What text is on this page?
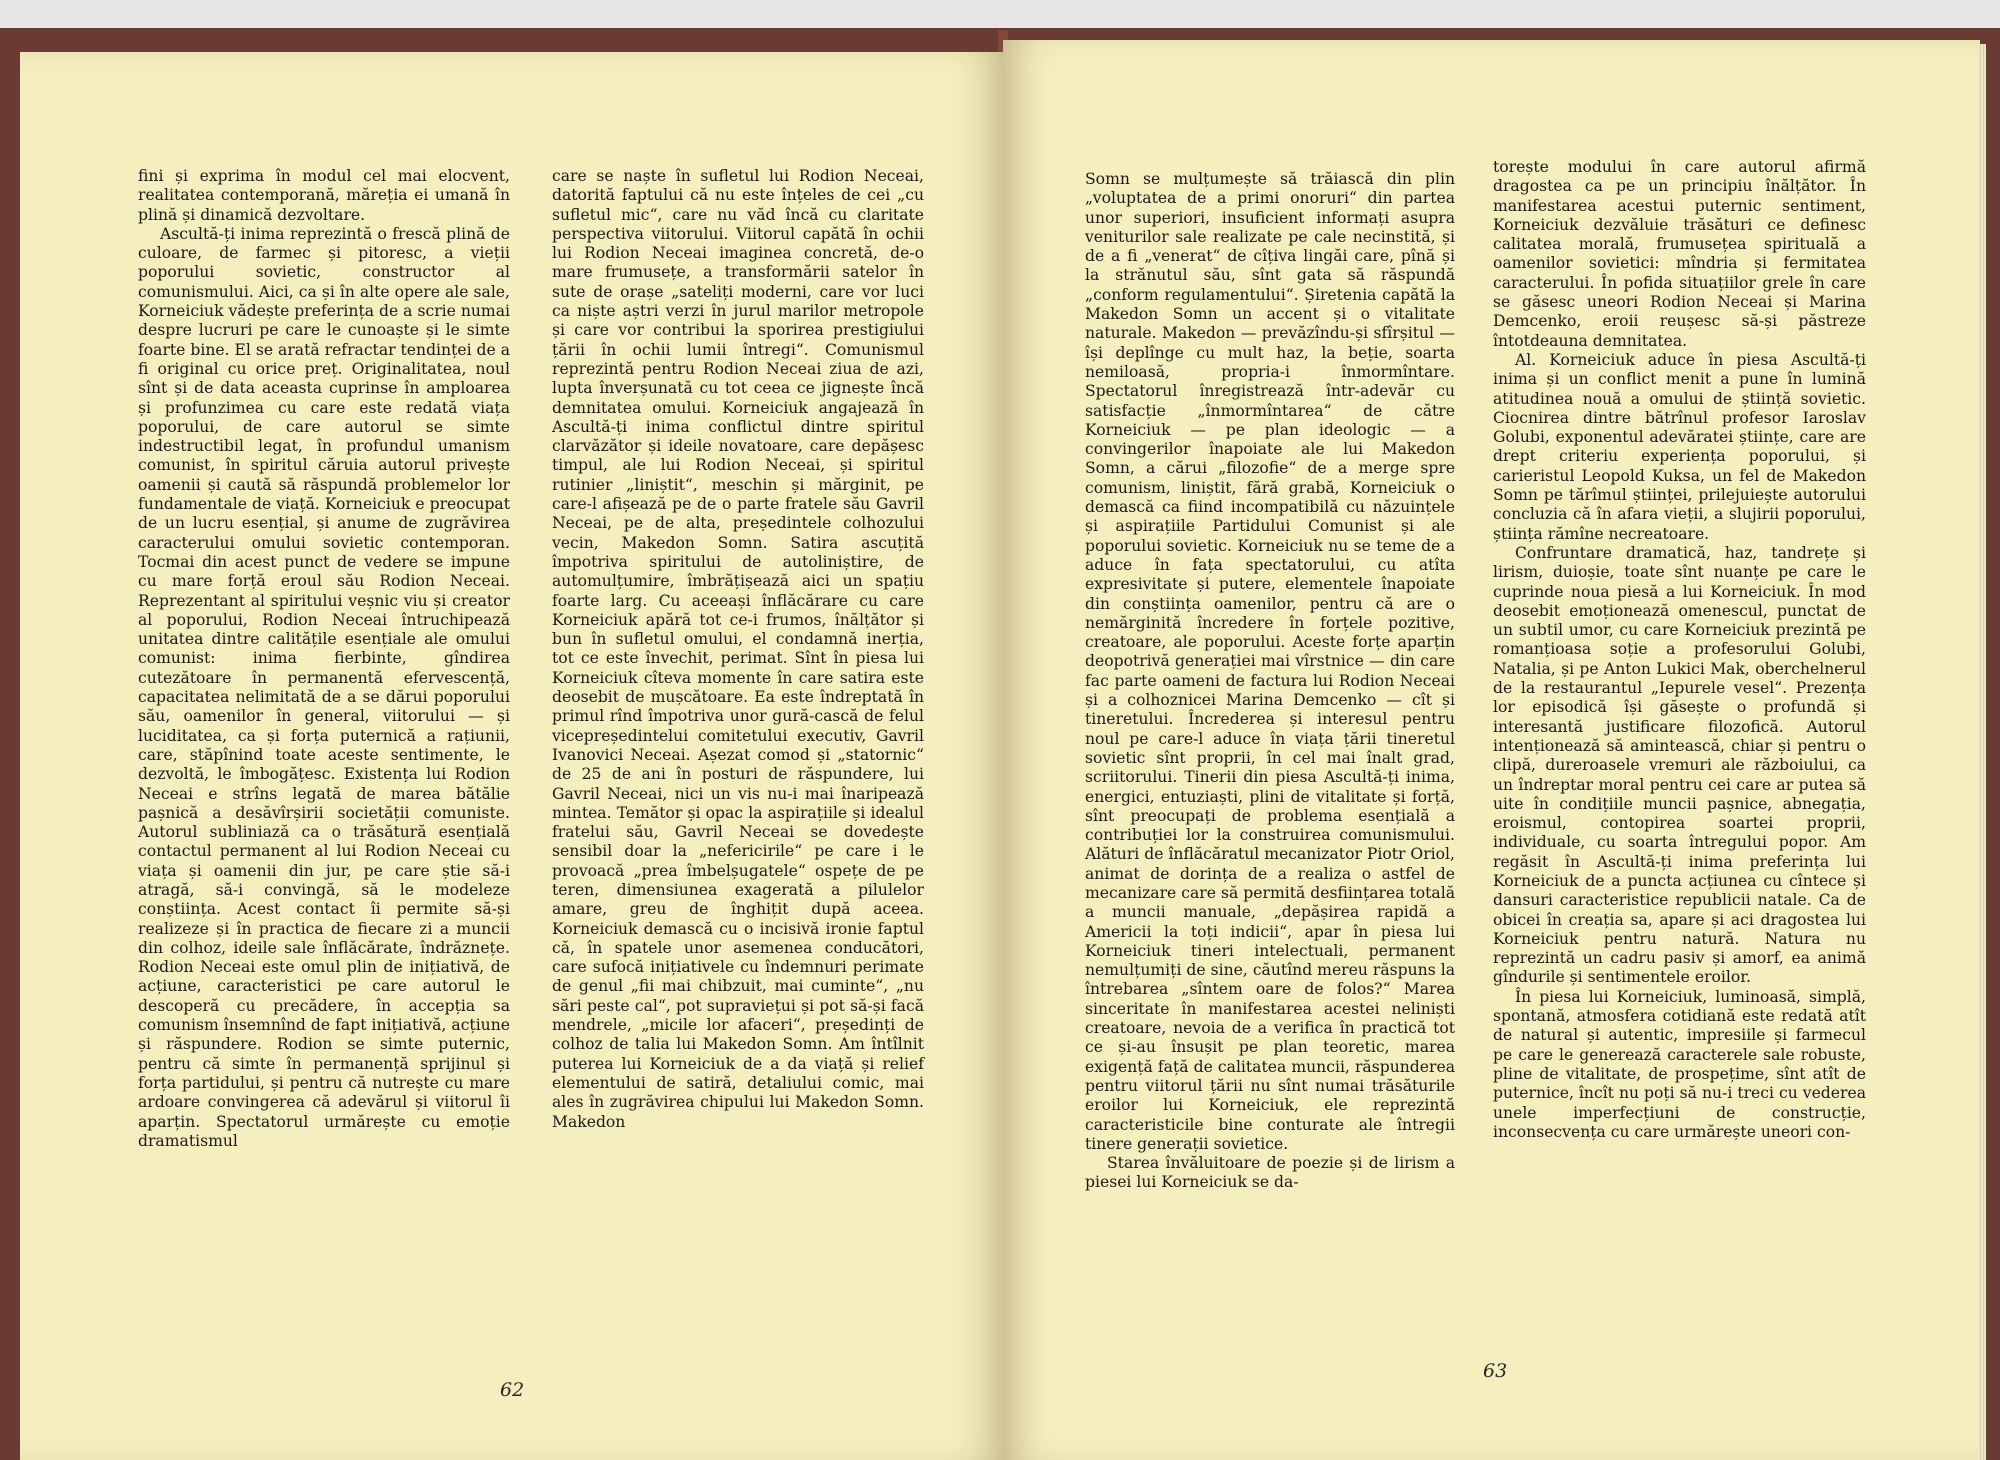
fini și exprima în modul cel mai elocvent, realitatea contemporană, măreția ei umană în plină și dinamică dezvoltare.

Ascultă-ți inima reprezintă o frescă plină de culoare, de farmec și pitoresc, a vieții poporului sovietic, constructor al comunismului. Aici, ca și în alte opere ale sale, Korneiciuk vădește preferința de a scrie numai despre lucruri pe care le cunoaște și le simte foarte bine. El se arată refractar tendinței de a fi original cu orice preț. Originalitatea, noul sînt și de data aceasta cuprinse în amploarea și profunzimea cu care este redată viața poporului, de care autorul se simte indestructibil legat, în profundul umanism comunist, în spiritul căruia autorul privește oamenii și caută să răspundă problemelor lor fundamentale de viață. Korneiciuk e preocupat de un lucru esențial, și anume de zugrăvirea caracterului omului sovietic contemporan. Tocmai din acest punct de vedere se impune cu mare forță eroul său Rodion Neceai. Reprezentant al spiritului veșnic viu și creator al poporului, Rodion Neceai întruchipează unitatea dintre calitățile esențiale ale omului comunist: inima fierbinte, gîndirea cutezătoare în permanentă efervescență, capacitatea nelimitată de a se dărui poporului său, oamenilor în general, viitorului — și luciditatea, ca și forța puternică a rațiunii, care, stăpînind toate aceste sentimente, le dezvoltă, le îmbogățesc. Existența lui Rodion Neceai e strîns legată de marea bătălie pașnică a desăvîrșirii societății comuniste. Autorul subliniază ca o trăsătură esențială contactul permanent al lui Rodion Neceai cu viața și oamenii din jur, pe care știe să-i atragă, să-i convingă, să le modeleze conștiința. Acest contact îi permite să-și realizeze și în practica de fiecare zi a muncii din colhoz, ideile sale înflăcărate, îndrăznețe. Rodion Neceai este omul plin de inițiativă, de acțiune, caracteristici pe care autorul le descoperă cu precădere, în accepția sa comunism însemnînd de fapt inițiativă, acțiune și răspundere. Rodion se simte puternic, pentru că simte în permanență sprijinul și forța partidului, și pentru că nutrește cu mare ardoare convingerea că adevărul și viitorul îi aparțin. Spectatorul urmărește cu emoție dramatismul

care se naște în sufletul lui Rodion Neceai, datorită faptului că nu este înțeles de cei „cu sufletul mic“, care nu văd încă cu claritate perspectiva viitorului. Viitorul capătă în ochii lui Rodion Neceai imaginea concretă, de-o mare frumusețe, a transformării satelor în sute de orașe „sateliți moderni, care vor luci ca niște aștri verzi în jurul marilor metropole și care vor contribui la sporirea prestigiului țării în ochii lumii întregi“. Comunismul reprezintă pentru Rodion Neceai ziua de azi, lupta înverșunată cu tot ceea ce jignește încă demnitatea omului. Korneiciuk angajează în Ascultă-ți inima conflictul dintre spiritul clarvăzător și ideile novatoare, care depășesc timpul, ale lui Rodion Neceai, și spiritul rutinier „liniștit“, meschin și mărginit, pe care-l afișează pe de o parte fratele său Gavril Neceai, pe de alta, președintele colhozului vecin, Makedon Somn. Satira ascuțită împotriva spiritului de autoliniștire, de automulțumire, îmbrățișează aici un spațiu foarte larg. Cu aceeași înflăcărare cu care Korneiciuk apără tot ce-i frumos, înălțător și bun în sufletul omului, el condamnă inerția, tot ce este învechit, perimat. Sînt în piesa lui Korneiciuk cîteva momente în care satira este deosebit de mușcătoare. Ea este îndreptată în primul rînd împotriva unor gură-cască de felul vicepreședintelui comitetului executiv, Gavril Ivanovici Neceai. Așezat comod și „statornic“ de 25 de ani în posturi de răspundere, lui Gavril Neceai, nici un vis nu-i mai înaripează mintea. Temător și opac la aspirațiile și idealul fratelui său, Gavril Neceai se dovedește sensibil doar la „nefericirile“ pe care i le provoacă „prea îmbelșugatele“ ospețe de pe teren, dimensiunea exagerată a pilulelor amare, greu de înghițit după aceea. Korneiciuk demască cu o incisivă ironie faptul că, în spatele unor asemenea conducători, care sufocă inițiativele cu îndemnuri perimate de genul „fii mai chibzuit, mai cuminte“, „nu sări peste cal“, pot supraviețui și pot să-și facă mendrele, „micile lor afaceri“, președinți de colhoz de talia lui Makedon Somn. Am întîlnit puterea lui Korneiciuk de a da viață și relief elementului de satiră, detaliului comic, mai ales în zugrăvirea chipului lui Makedon Somn. Makedon

62

Somn se mulțumește să trăiască din plin „voluptatea de a primi onoruri“ din partea unor superiori, insuficient informați asupra veniturilor sale realizate pe cale necinstită, și de a fi „venerat“ de cîțiva lingăi care, pînă și la strănutul său, sînt gata să răspundă „conform regulamentului“. Șiretenia capătă la Makedon Somn un accent și o vitalitate naturale. Makedon — prevăzîndu-și sfîrșitul — își deplînge cu mult haz, la beție, soarta nemiloasă, propria-i înmormîntare. Spectatorul înregistrează într-adevăr cu satisfacție „înmormîntarea“ de către Korneiciuk — pe plan ideologic — a convingerilor înapoiate ale lui Makedon Somn, a cărui „filozofie“ de a merge spre comunism, liniștit, fără grabă, Korneiciuk o demască ca fiind incompatibilă cu năzuințele și aspirațiile Partidului Comunist și ale poporului sovietic. Korneiciuk nu se teme de a aduce în fața spectatorului, cu atîta expresivitate și putere, elementele înapoiate din conștiința oamenilor, pentru că are o nemărginită încredere în forțele pozitive, creatoare, ale poporului. Aceste forțe aparțin deopotrivă generației mai vîrstnice — din care fac parte oameni de factura lui Rodion Neceai și a colhoznicei Marina Demcenko — cît și tineretului. Încrederea și interesul pentru noul pe care-l aduce în viața țării tineretul sovietic sînt proprii, în cel mai înalt grad, scriitorului. Tinerii din piesa Ascultă-ți inima, energici, entuziaști, plini de vitalitate și forță, sînt preocupați de problema esențială a contribuției lor la construirea comunismului. Alături de înflăcăratul mecanizator Piotr Oriol, animat de dorința de a realiza o astfel de mecanizare care să permită desființarea totală a muncii manuale, „depășirea rapidă a Americii la toți indicii“, apar în piesa lui Korneiciuk tineri intelectuali, permanent nemulțumiți de sine, căutînd mereu răspuns la întrebarea „sîntem oare de folos?“ Marea sinceritate în manifestarea acestei neliniști creatoare, nevoia de a verifica în practică tot ce și-au însușit pe plan teoretic, marea exigență față de calitatea muncii, răspunderea pentru viitorul țării nu sînt numai trăsăturile eroilor lui Korneiciuk, ele reprezintă caracteristicile bine conturate ale întregii tinere generații sovietice.

Starea învăluitoare de poezie și de lirism a piesei lui Korneiciuk se da-

torește modului în care autorul afirmă dragostea ca pe un principiu înălțător. În manifestarea acestui puternic sentiment, Korneiciuk dezvăluie trăsături ce definesc calitatea morală, frumusețea spirituală a oamenilor sovietici: mîndria și fermitatea caracterului. În pofida situațiilor grele în care se găsesc uneori Rodion Neceai și Marina Demcenko, eroii reușesc să-și păstreze întotdeauna demnitatea.

Al. Korneiciuk aduce în piesa Ascultă-ți inima și un conflict menit a pune în lumină atitudinea nouă a omului de știință sovietic. Ciocnirea dintre bătrînul profesor Iaroslav Golubi, exponentul adevăratei științe, care are drept criteriu experiența poporului, și carieristul Leopold Kuksa, un fel de Makedon Somn pe tărîmul științei, prilejuiește autorului concluzia că în afara vieții, a slujirii poporului, știința rămîne necreatoare.

Confruntare dramatică, haz, tandrețe și lirism, duioșie, toate sînt nuanțe pe care le cuprinde noua piesă a lui Korneiciuk. În mod deosebit emoționează omenescul, punctat de un subtil umor, cu care Korneiciuk prezintă pe romanțioasa soție a profesorului Golubi, Natalia, și pe Anton Lukici Mak, oberchelnerul de la restaurantul „Iepurele vesel“. Prezența lor episodică își găsește o profundă și interesantă justificare filozofică. Autorul intenționează să amintească, chiar și pentru o clipă, dureroasele vremuri ale războiului, ca un îndreptar moral pentru cei care ar putea să uite în condițiile muncii pașnice, abnegația, eroismul, contopirea soartei proprii, individuale, cu soarta întregului popor. Am regăsit în Ascultă-ți inima preferința lui Korneiciuk de a puncta acțiunea cu cîntece și dansuri caracteristice republicii natale. Ca de obicei în creația sa, apare și aci dragostea lui Korneiciuk pentru natură. Natura nu reprezintă un cadru pasiv și amorf, ea animă gîndurile și sentimentele eroilor.

În piesa lui Korneiciuk, luminoasă, simplă, spontană, atmosfera cotidiană este redată atît de natural și autentic, impresiile și farmecul pe care le generează caracterele sale robuste, pline de vitalitate, de prospețime, sînt atît de puternice, încît nu poți să nu-i treci cu vederea unele imperfecțiuni de construcție, inconsecvența cu care urmărește uneori con-

63
